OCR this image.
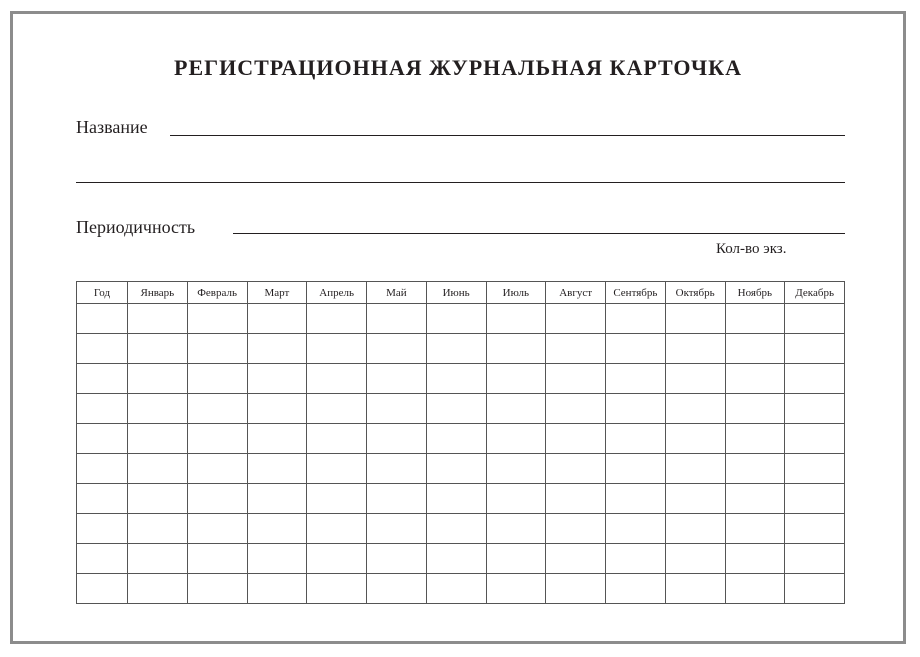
РЕГИСТРАЦИОННАЯ ЖУРНАЛЬНАЯ КАРТОЧКА
Название
Периодичность
Кол-во экз.
Год	Январь	Февраль	Март	Апрель	Май	Июнь	Июль	Август	Сентябрь	Октябрь	Ноябрь	Декабрь
